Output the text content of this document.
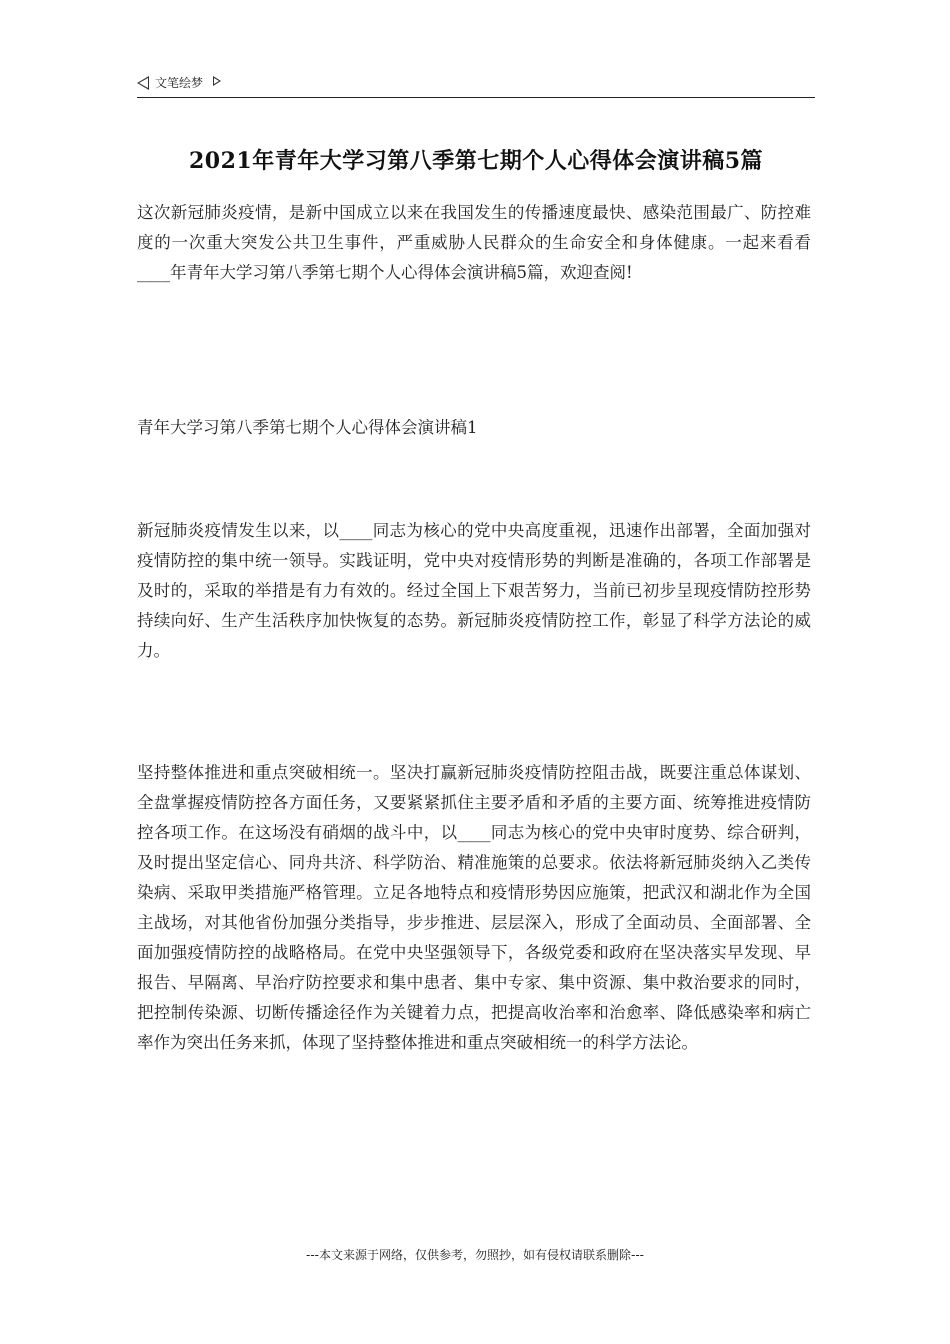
文笔绘梦
2021年青年大学习第八季第七期个人心得体会演讲稿5篇

这次新冠肺炎疫情，是新中国成立以来在我国发生的传播速度最快、感染范围最广、防控难度的一次重大突发公共卫生事件，严重威胁人民群众的生命安全和身体健康。一起来看看____年青年大学习第八季第七期个人心得体会演讲稿5篇，欢迎查阅!

青年大学习第八季第七期个人心得体会演讲稿1

新冠肺炎疫情发生以来，以____同志为核心的党中央高度重视，迅速作出部署，全面加强对疫情防控的集中统一领导。实践证明，党中央对疫情形势的判断是准确的，各项工作部署是及时的，采取的举措是有力有效的。经过全国上下艰苦努力，当前已初步呈现疫情防控形势持续向好、生产生活秩序加快恢复的态势。新冠肺炎疫情防控工作，彰显了科学方法论的威力。

坚持整体推进和重点突破相统一。坚决打赢新冠肺炎疫情防控阻击战，既要注重总体谋划、全盘掌握疫情防控各方面任务，又要紧紧抓住主要矛盾和矛盾的主要方面、统筹推进疫情防控各项工作。在这场没有硝烟的战斗中，以____同志为核心的党中央审时度势、综合研判，及时提出坚定信心、同舟共济、科学防治、精准施策的总要求。依法将新冠肺炎纳入乙类传染病、采取甲类措施严格管理。立足各地特点和疫情形势因应施策，把武汉和湖北作为全国主战场，对其他省份加强分类指导，步步推进、层层深入，形成了全面动员、全面部署、全面加强疫情防控的战略格局。在党中央坚强领导下，各级党委和政府在坚决落实早发现、早报告、早隔离、早治疗防控要求和集中患者、集中专家、集中资源、集中救治要求的同时，把控制传染源、切断传播途径作为关键着力点，把提高收治率和治愈率、降低感染率和病亡率作为突出任务来抓，体现了坚持整体推进和重点突破相统一的科学方法论。

---本文来源于网络，仅供参考，勿照抄，如有侵权请联系删除---
